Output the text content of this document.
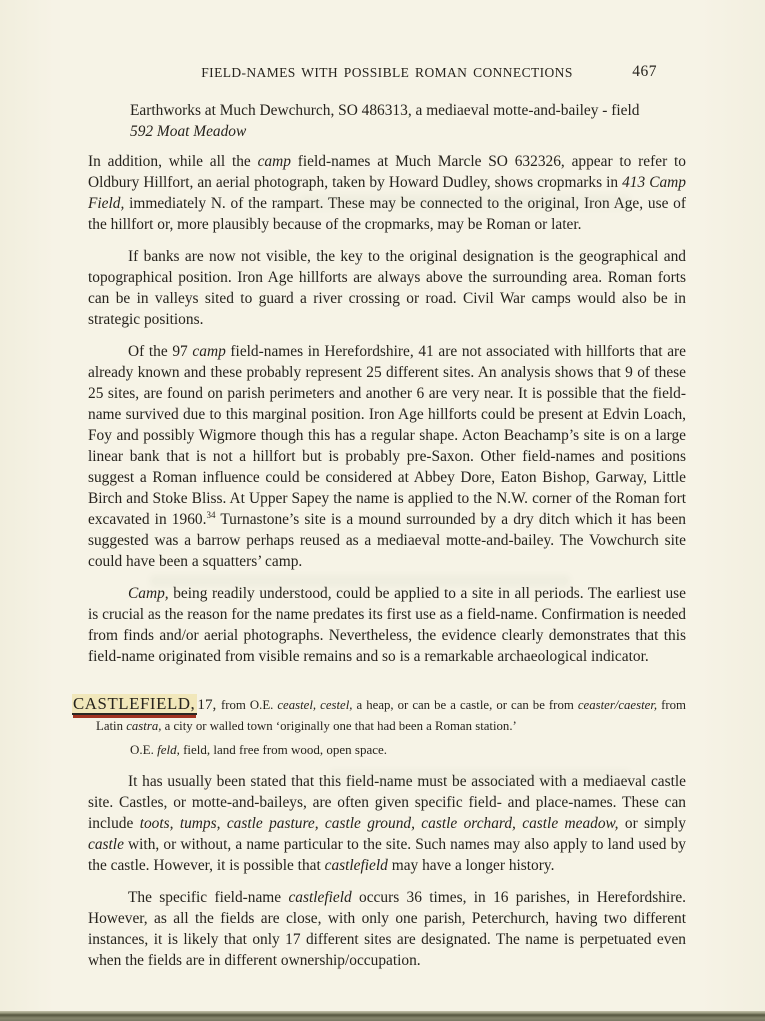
FIELD-NAMES WITH POSSIBLE ROMAN CONNECTIONS	467

Earthworks at Much Dewchurch, SO 486313, a mediaeval motte-and-bailey - field
592 Moat Meadow

In addition, while all the camp field-names at Much Marcle SO 632326, appear to refer to Oldbury Hillfort, an aerial photograph, taken by Howard Dudley, shows cropmarks in 413 Camp Field, immediately N. of the rampart. These may be connected to the original, Iron Age, use of the hillfort or, more plausibly because of the cropmarks, may be Roman or later.

If banks are now not visible, the key to the original designation is the geographical and topographical position. Iron Age hillforts are always above the surrounding area. Roman forts can be in valleys sited to guard a river crossing or road. Civil War camps would also be in strategic positions.

Of the 97 camp field-names in Herefordshire, 41 are not associated with hillforts that are already known and these probably represent 25 different sites. An analysis shows that 9 of these 25 sites, are found on parish perimeters and another 6 are very near. It is possible that the field-name survived due to this marginal position. Iron Age hillforts could be present at Edvin Loach, Foy and possibly Wigmore though this has a regular shape. Acton Beachamp’s site is on a large linear bank that is not a hillfort but is probably pre-Saxon. Other field-names and positions suggest a Roman influence could be considered at Abbey Dore, Eaton Bishop, Garway, Little Birch and Stoke Bliss. At Upper Sapey the name is applied to the N.W. corner of the Roman fort excavated in 1960.34 Turnastone’s site is a mound surrounded by a dry ditch which it has been suggested was a barrow perhaps reused as a mediaeval motte-and-bailey. The Vowchurch site could have been a squatters’ camp.

Camp, being readily understood, could be applied to a site in all periods. The earliest use is crucial as the reason for the name predates its first use as a field-name. Confirmation is needed from finds and/or aerial photographs. Nevertheless, the evidence clearly demonstrates that this field-name originated from visible remains and so is a remarkable archaeological indicator.

CASTLEFIELD, 17, from O.E. ceastel, cestel, a heap, or can be a castle, or can be from ceaster/caester, from Latin castra, a city or walled town ‘originally one that had been a Roman station.’

O.E. feld, field, land free from wood, open space.

It has usually been stated that this field-name must be associated with a mediaeval castle site. Castles, or motte-and-baileys, are often given specific field- and place-names. These can include toots, tumps, castle pasture, castle ground, castle orchard, castle meadow, or simply castle with, or without, a name particular to the site. Such names may also apply to land used by the castle. However, it is possible that castlefield may have a longer history.

The specific field-name castlefield occurs 36 times, in 16 parishes, in Herefordshire. However, as all the fields are close, with only one parish, Peterchurch, having two different instances, it is likely that only 17 different sites are designated. The name is perpetuated even when the fields are in different ownership/occupation.
